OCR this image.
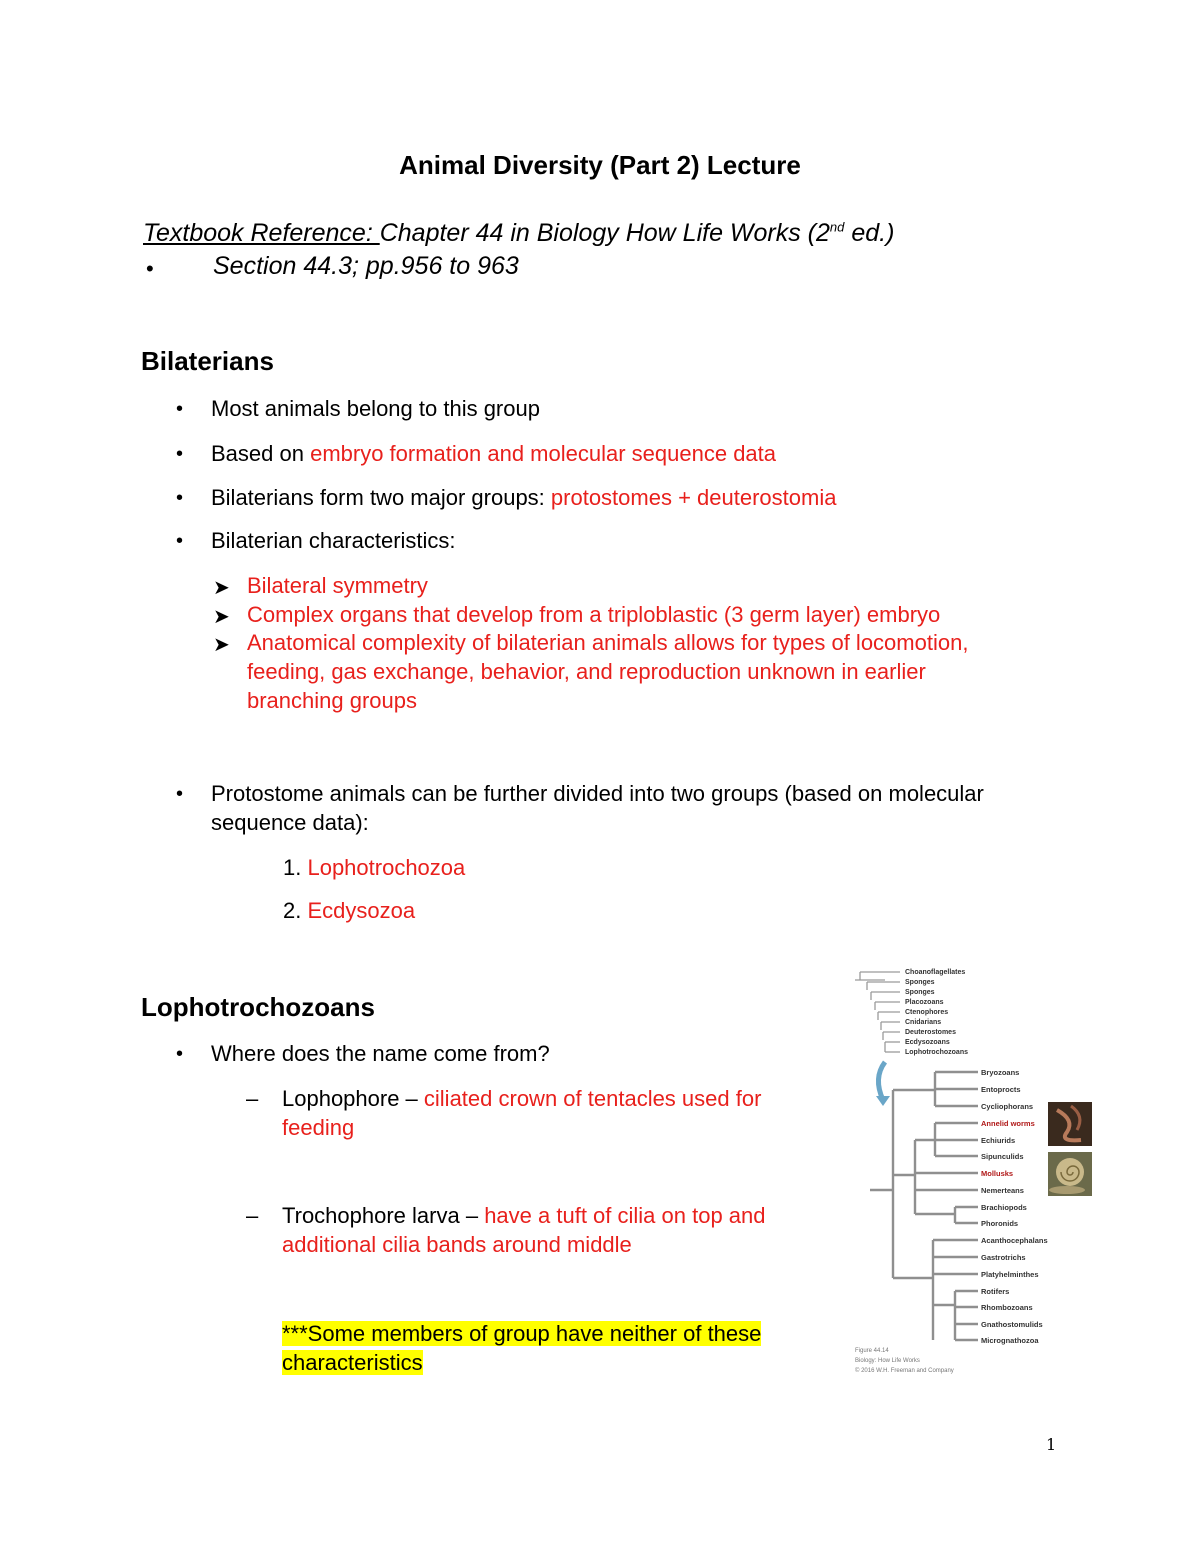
Animal Diversity (Part 2) Lecture
Textbook Reference: Chapter 44 in Biology How Life Works (2nd ed.)
• Section 44.3; pp.956 to 963
Bilaterians
• Most animals belong to this group
• Based on embryo formation and molecular sequence data
• Bilaterians form two major groups: protostomes + deuterostomia
• Bilaterian characteristics:
➤ Bilateral symmetry
➤ Complex organs that develop from a triploblastic (3 germ layer) embryo
➤ Anatomical complexity of bilaterian animals allows for types of locomotion,
feeding, gas exchange, behavior, and reproduction unknown in earlier
branching groups
• Protostome animals can be further divided into two groups (based on molecular
sequence data):
1. Lophotrochozoa
2. Ecdysozoa
Lophotrochozoans
• Where does the name come from?
– Lophophore – ciliated crown of tentacles used for
feeding
– Trochophore larva – have a tuft of cilia on top and
additional cilia bands around middle
***Some members of group have neither of these
characteristics
Choanoflagellates
Sponges
Sponges
Placozoans
Ctenophores
Cnidarians
Deuterostomes
Ecdysozoans
Lophotrochozoans
Bryozoans
Entoprocts
Cycliophorans
Annelid worms
Echiurids
Sipunculids
Mollusks
Nemerteans
Brachiopods
Phoronids
Acanthocephalans
Gastrotrichs
Platyhelminthes
Rotifers
Rhombozoans
Gnathostomulids
Micrognathozoa
Figure 44.14
Biology: How Life Works
© 2016 W.H. Freeman and Company
1
